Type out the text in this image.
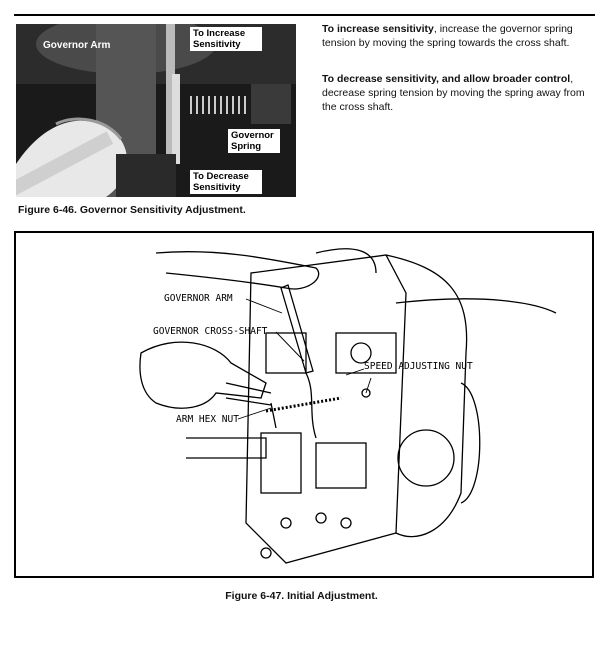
Governor Arm
To Increase
Sensitivity
Governor
Spring
To Decrease
Sensitivity
Figure 6-46. Governor Sensitivity Adjustment.
To increase sensitivity, increase the governor spring tension by moving the spring towards the cross shaft.
To decrease sensitivity, and allow broader control, decrease spring tension by moving the spring away from the cross shaft.
GOVERNOR ARM
GOVERNOR CROSS-SHAFT
SPEED ADJUSTING NUT
ARM HEX NUT
Figure 6-47. Initial Adjustment.
